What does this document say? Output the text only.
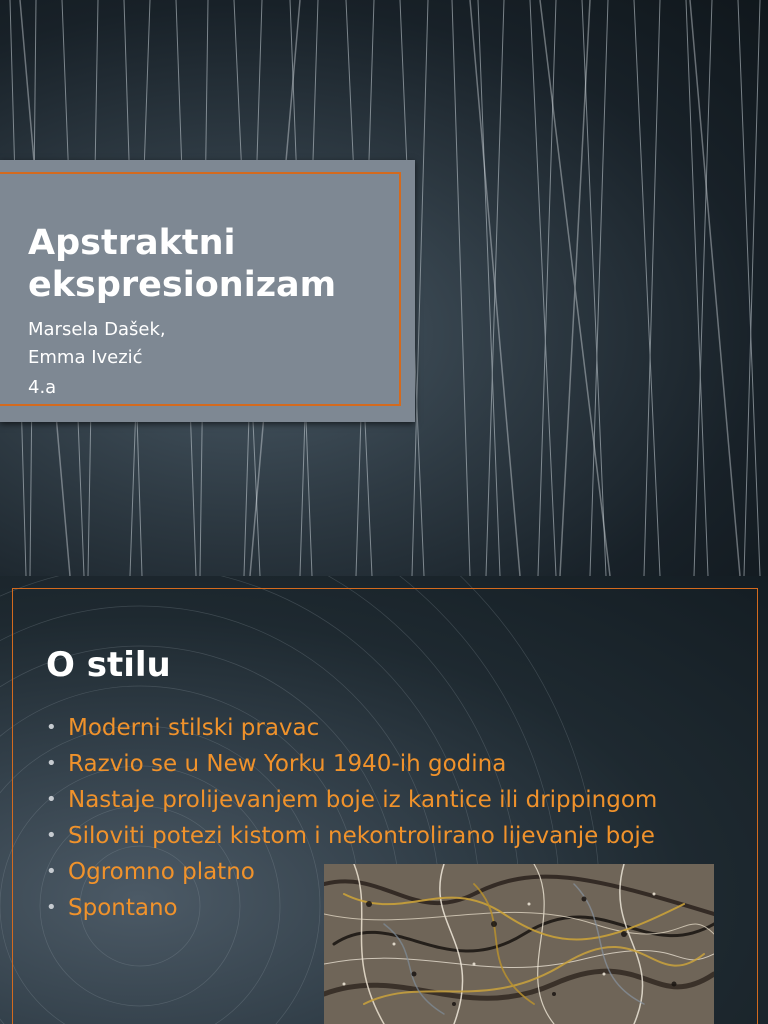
Apstraktni ekspresionizam
Marsela Dašek,
Emma Ivezić
4.a
O stilu
• Moderni stilski pravac
• Razvio se u New Yorku 1940-ih godina
• Nastaje prolijevanjem boje iz kantice ili drippingom
• Siloviti potezi kistom i nekontrolirano lijevanje boje
• Ogromno platno
• Spontano
